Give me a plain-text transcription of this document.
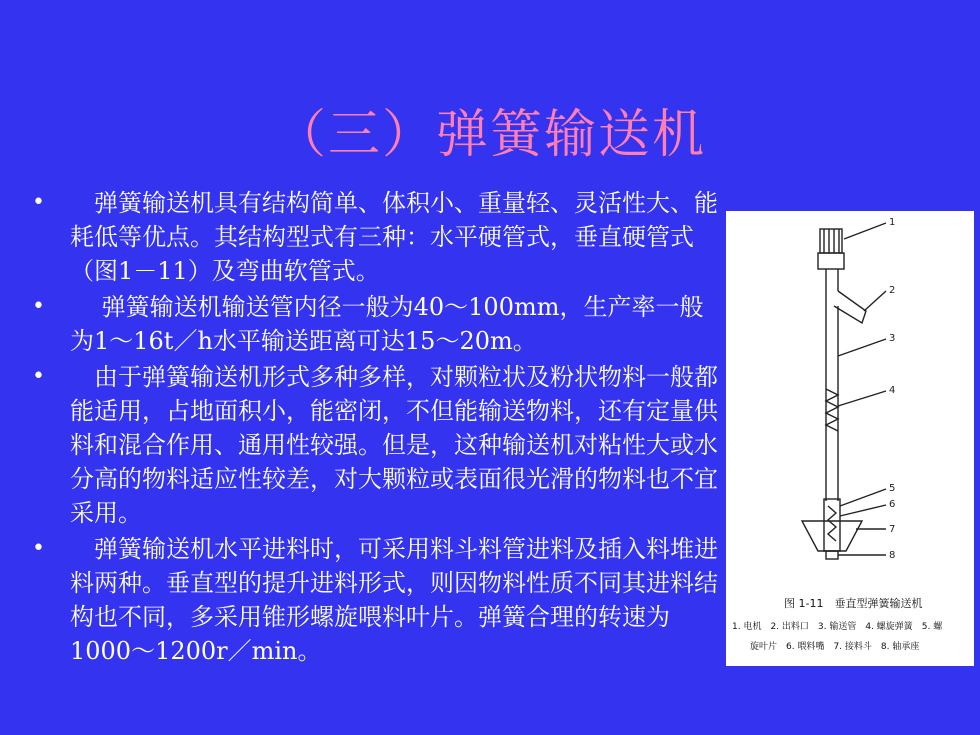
（三）弹簧输送机
• 　弹簧输送机具有结构简单、体积小、重量轻、灵活性大、能耗低等优点。其结构型式有三种：水平硬管式，垂直硬管式（图1－11）及弯曲软管式。
• 　 弹簧输送机输送管内径一般为40～100mm，生产率一般为1～16t／h水平输送距离可达15～20m。
• 　由于弹簧输送机形式多种多样，对颗粒状及粉状物料一般都能适用，占地面积小，能密闭，不但能输送物料，还有定量供料和混合作用、通用性较强。但是，这种输送机对粘性大或水分高的物料适应性较差，对大颗粒或表面很光滑的物料也不宜采用。
• 　弹簧输送机水平进料时，可采用料斗料管进料及插入料堆进料两种。垂直型的提升进料形式，则因物料性质不同其进料结构也不同，多采用锥形螺旋喂料叶片。弹簧合理的转速为1000～1200r／min。
1
2
3
4
5
6
7
8
图 1-11　垂直型弹簧输送机
1. 电机　2. 出料口　3. 输送管　4. 螺旋弹簧　5. 螺
旋叶片　6. 喂料嘴　7. 接料斗　8. 轴承座
